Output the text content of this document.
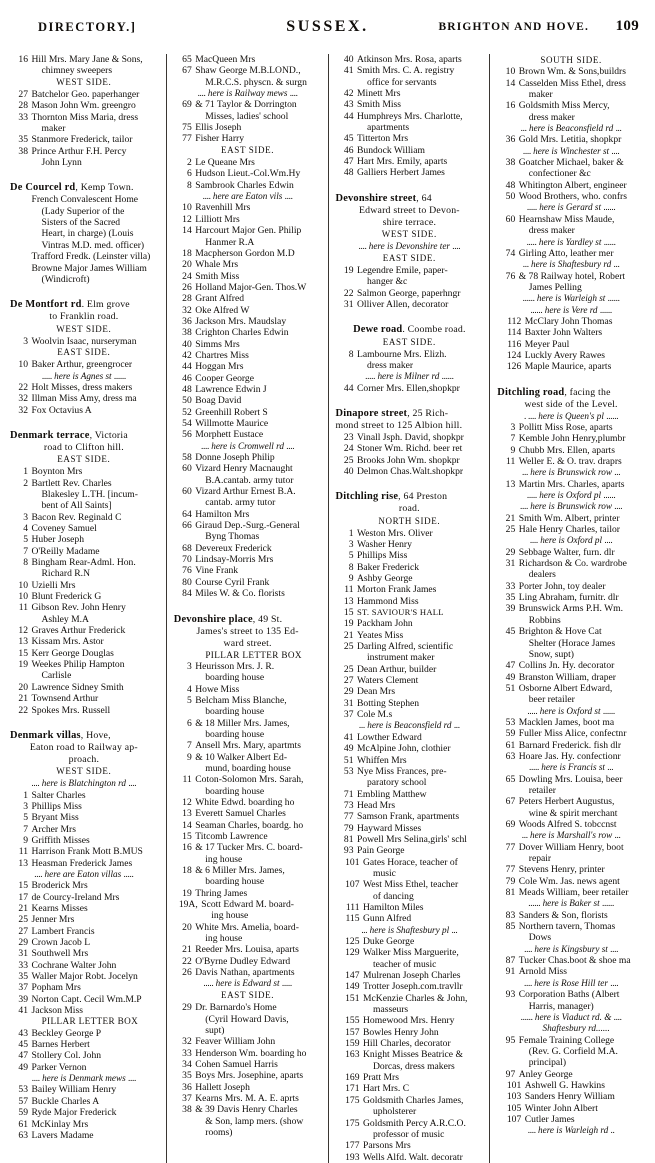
DIRECTORY.]	SUSSEX.	BRIGHTON AND HOVE. 109
16 Hill Mrs. Mary Jane & Sons,
chimney sweepers
WEST SIDE.
27 Batchelor Geo. paperhanger
28 Mason John Wm. greengro
33 Thornton Miss Maria, dress
maker
35 Stanmore Frederick, tailor
38 Prince Arthur F.H. Percy
John Lynn
De Courcel rd, Kemp Town.
French Convalescent Home
(Lady Superior of the
Sisters of the Sacred
Heart, in charge) (Louis
Vintras M.D. med. officer)
Trafford Fredk. (Leinster villa)
Browne Major James William
(Windicroft)
De Montfort rd. Elm grove
to Franklin road.
WEST SIDE.
3 Woolvin Isaac, nurseryman
EAST SIDE.
10 Baker Arthur, greengrocer
..... here is Agnes st ......
22 Holt Misses, dress makers
32 Illman Miss Amy, dress ma
32 Fox Octavius A
Denmark terrace, Victoria
road to Clifton hill.
EAST SIDE.
1 Boynton Mrs
2 Bartlett Rev. Charles
Blakesley L.TH. [incum-
bent of All Saints]
3 Bacon Rev. Reginald C
4 Coveney Samuel
5 Huber Joseph
7 O'Reilly Madame
8 Bingham Rear-Adml. Hon.
Richard R.N
10 Uzielli Mrs
10 Blunt Frederick G
11 Gibson Rev. John Henry
Ashley M.A
12 Graves Arthur Frederick
13 Kissam Mrs. Astor
15 Kerr George Douglas
19 Weekes Philip Hampton
Carlisle
20 Lawrence Sidney Smith
21 Townsend Arthur
22 Spokes Mrs. Russell
Denmark villas, Hove,
Eaton road to Railway ap-
proach.
WEST SIDE.
.... here is Blatchington rd ....
1 Salter Charles
3 Phillips Miss
5 Bryant Miss
7 Archer Mrs
9 Griffith Misses
11 Harrison Frank Mott B.MUS
13 Heasman Frederick James
.... here are Eaton villas .....
15 Broderick Mrs
17 de Courcy-Ireland Mrs
21 Kearns Misses
25 Jenner Mrs
27 Lambert Francis
29 Crown Jacob L
31 Southwell Mrs
33 Cochrane Walter John
35 Waller Major Robt. Jocelyn
37 Popham Mrs
39 Norton Capt. Cecil Wm.M.P
41 Jackson Miss
PILLAR LETTER BOX
43 Beckley George P
45 Barnes Herbert
47 Stollery Col. John
49 Parker Vernon
.... here is Denmark mews ....
53 Bailey William Henry
57 Buckle Charles A
59 Ryde Major Frederick
61 McKinlay Mrs
63 Lavers Madame
65 MacQueen Mrs
67 Shaw George M.B.LOND.,
M.R.C.S. physcn. & surgn
.... here is Railway mews ....
69 & 71 Taylor & Dorrington
Misses, ladies' school
75 Ellis Joseph
77 Fisher Harry
EAST SIDE.
2 Le Queane Mrs
6 Hudson Lieut.-Col.Wm.Hy
8 Sambrook Charles Edwin
.... here are Eaton vils ....
10 Ravenhill Mrs
12 Lilliott Mrs
14 Harcourt Major Gen. Philip
Hanmer R.A
18 Macpherson Gordon M.D
20 Whale Mrs
24 Smith Miss
26 Holland Major-Gen. Thos.W
28 Grant Alfred
32 Oke Alfred W
36 Jackson Mrs. Maudslay
38 Crighton Charles Edwin
40 Simms Mrs
42 Chartres Miss
44 Hoggan Mrs
46 Cooper George
48 Lawrence Edwin J
50 Boag David
52 Greenhill Robert S
54 Willmotte Maurice
56 Morphett Eustace
.... here is Cromwell rd ....
58 Donne Joseph Philip
60 Vizard Henry Macnaught
B.A.cantab. army tutor
60 Vizard Arthur Ernest B.A.
cantab. army tutor
64 Hamilton Mrs
66 Giraud Dep.-Surg.-General
Byng Thomas
68 Devereux Frederick
70 Lindsay-Morris Mrs
76 Vine Frank
80 Course Cyril Frank
84 Miles W. & Co. florists
Devonshire place, 49 St.
James's street to 135 Ed-
ward street.
PILLAR LETTER BOX
3 Heurisson Mrs. J. R.
boarding house
4 Howe Miss
5 Belcham Miss Blanche,
boarding house
6 & 18 Miller Mrs. James,
boarding house
7 Ansell Mrs. Mary, apartmts
9 & 10 Walker Albert Ed-
mund, boarding house
11 Coton-Solomon Mrs. Sarah,
boarding house
12 White Edwd. boarding ho
13 Everett Samuel Charles
14 Seaman Charles, boardg. ho
15 Titcomb Lawrence
16 & 17 Tucker Mrs. C. board-
ing house
18 & 6 Miller Mrs. James,
boarding house
19 Thring James
19A, Scott Edward M. board-
ing house
20 White Mrs. Amelia, board-
ing house
21 Reeder Mrs. Louisa, aparts
22 O'Byrne Dudley Edward
26 Davis Nathan, apartments
..... here is Edward st .....
EAST SIDE.
29 Dr. Barnardo's Home
(Cyril Howard Davis,
supt)
32 Feaver William John
33 Henderson Wm. boarding ho
34 Cohen Samuel Harris
35 Boys Mrs. Josephine, aparts
36 Hallett Joseph
37 Kearns Mrs. M. A. E. aprts
38 & 39 Davis Henry Charles
& Son, lamp mers. (show
rooms)
40 Atkinson Mrs. Rosa, aparts
41 Smith Mrs. C. A. registry
office for servants
42 Minett Mrs
43 Smith Miss
44 Humphreys Mrs. Charlotte,
apartments
45 Titterton Mrs
46 Bundock William
47 Hart Mrs. Emily, aparts
48 Galliers Herbert James
Devonshire street, 64
Edward street to Devon-
shire terrace.
WEST SIDE.
.... here is Devonshire ter ....
EAST SIDE.
19 Legendre Emile, paper-
hanger &c
22 Salmon George, paperhngr
31 Olliver Allen, decorator
Dewe road. Coombe road.
EAST SIDE.
8 Lambourne Mrs. Elizh.
dress maker
..... here is Milner rd ......
44 Corner Mrs. Ellen,shopkpr
Dinapore street, 25 Rich-
mond street to 125 Albion hill.
23 Vinall Jsph. David, shopkpr
24 Stoner Wm. Richd. beer ret
25 Brooks John Wm. shopkpr
40 Delmon Chas.Walt.shopkpr
Ditchling rise, 64 Preston
road.
NORTH SIDE.
1 Weston Mrs. Oliver
3 Washer Henry
5 Phillips Miss
8 Baker Frederick
9 Ashby George
11 Morton Frank James
13 Hammond Miss
15 ST. SAVIOUR'S HALL
19 Packham John
21 Yeates Miss
25 Darling Alfred, scientific
instrument maker
25 Dean Arthur, builder
27 Waters Clement
29 Dean Mrs
31 Botting Stephen
37 Cole M.s
... here is Beaconsfield rd ...
41 Lowther Edward
49 McAlpine John, clothier
51 Whiffen Mrs
53 Nye Miss Frances, pre-
paratory school
71 Embling Matthew
73 Head Mrs
77 Samson Frank, apartments
79 Hayward Misses
81 Powell Mrs Selina,girls' schl
93 Pain George
101 Gates Horace, teacher of
music
107 West Miss Ethel, teacher
of dancing
111 Hamilton Miles
115 Gunn Alfred
... here is Shaftesbury pl ...
125 Duke George
129 Walker Miss Marguerite,
teacher of music
147 Mulrenan Joseph Charles
149 Trotter Joseph.com.travllr
151 McKenzie Charles & John,
masseurs
155 Homewood Mrs. Henry
157 Bowles Henry John
159 Hill Charles, decorator
163 Knight Misses Beatrice &
Dorcas, dress makers
169 Pratt Mrs
171 Hart Mrs. C
175 Goldsmith Charles James,
upholsterer
175 Goldsmith Percy A.R.C.O.
professor of music
177 Parsons Mrs
193 Wells Alfd. Walt. decoratr
SOUTH SIDE.
10 Brown Wm. & Sons,buildrs
14 Casselden Miss Ethel, dress
maker
16 Goldsmith Miss Mercy,
dress maker
... here is Beaconsfield rd ...
36 Gold Mrs. Letitia, shopkpr
.... here is Winchester st ....
38 Goatcher Michael, baker &
confectioner &c
48 Whitington Albert, engineer
50 Wood Brothers, who. confrs
..... here is Gerard st ......
60 Hearnshaw Miss Maude,
dress maker
..... here is Yardley st ......
74 Girling Atto, leather mer
... here is Shaftesbury rd ...
76 & 78 Railway hotel, Robert
James Pelling
...... here is Warleigh st ......
...... here is Vere rd ......
112 McClary John Thomas
114 Baxter John Walters
116 Meyer Paul
124 Luckly Avery Rawes
126 Maple Maurice, aparts
Ditchling road, facing the
west side of the Level.
. .... here is Queen's pl ......
3 Pollitt Miss Rose, aparts
7 Kemble John Henry,plumbr
9 Chubb Mrs. Ellen, aparts
11 Weller E. & O. trav. draprs
... here is Brunswick row ...
13 Martin Mrs. Charles, aparts
..... here is Oxford pl ......
.... here is Brunswick row ....
21 Smith Wm. Albert, printer
25 Hale Henry Charles, tailor
.... here is Oxford pl ....
29 Sebbage Walter, furn. dlr
31 Richardson & Co. wardrobe
dealers
33 Porter John, toy dealer
35 Ling Abraham, furnitr. dlr
39 Brunswick Arms P.H. Wm.
Robbins
45 Brighton & Hove Cat
Shelter (Horace James
Snow, supt)
47 Collins Jn. Hy. decorator
49 Branston William, draper
51 Osborne Albert Edward,
beer retailer
..... here is Oxford st ......
53 Macklen James, boot ma
59 Fuller Miss Alice, confectnr
61 Barnard Frederick. fish dlr
63 Hoare Jas. Hy. confectionr
..... here is Francis st ...
65 Dowling Mrs. Louisa, beer
retailer
67 Peters Herbert Augustus,
wine & spirit merchant
69 Woods Alfred S. tobccnst
... here is Marshall's row ...
77 Dover William Henry, boot
repair
77 Stevens Henry, printer
79 Cole Wm. Jas. news agent
81 Meads William, beer retailer
...... here is Baker st ......
83 Sanders & Son, florists
85 Northern tavern, Thomas
Dows
.... here is Kingsbury st ....
87 Tucker Chas.boot & shoe ma
91 Arnold Miss
.... here is Rose Hill ter ....
93 Corporation Baths (Albert
Harris, manager)
...... here is Viaduct rd. & ....
Shaftesbury rd......
95 Female Training College
(Rev. G. Corfield M.A.
principal)
97 Anley George
101 Ashwell G. Hawkins
103 Sanders Henry William
105 Winter John Albert
107 Cutler James
.... here is Warleigh rd ..
